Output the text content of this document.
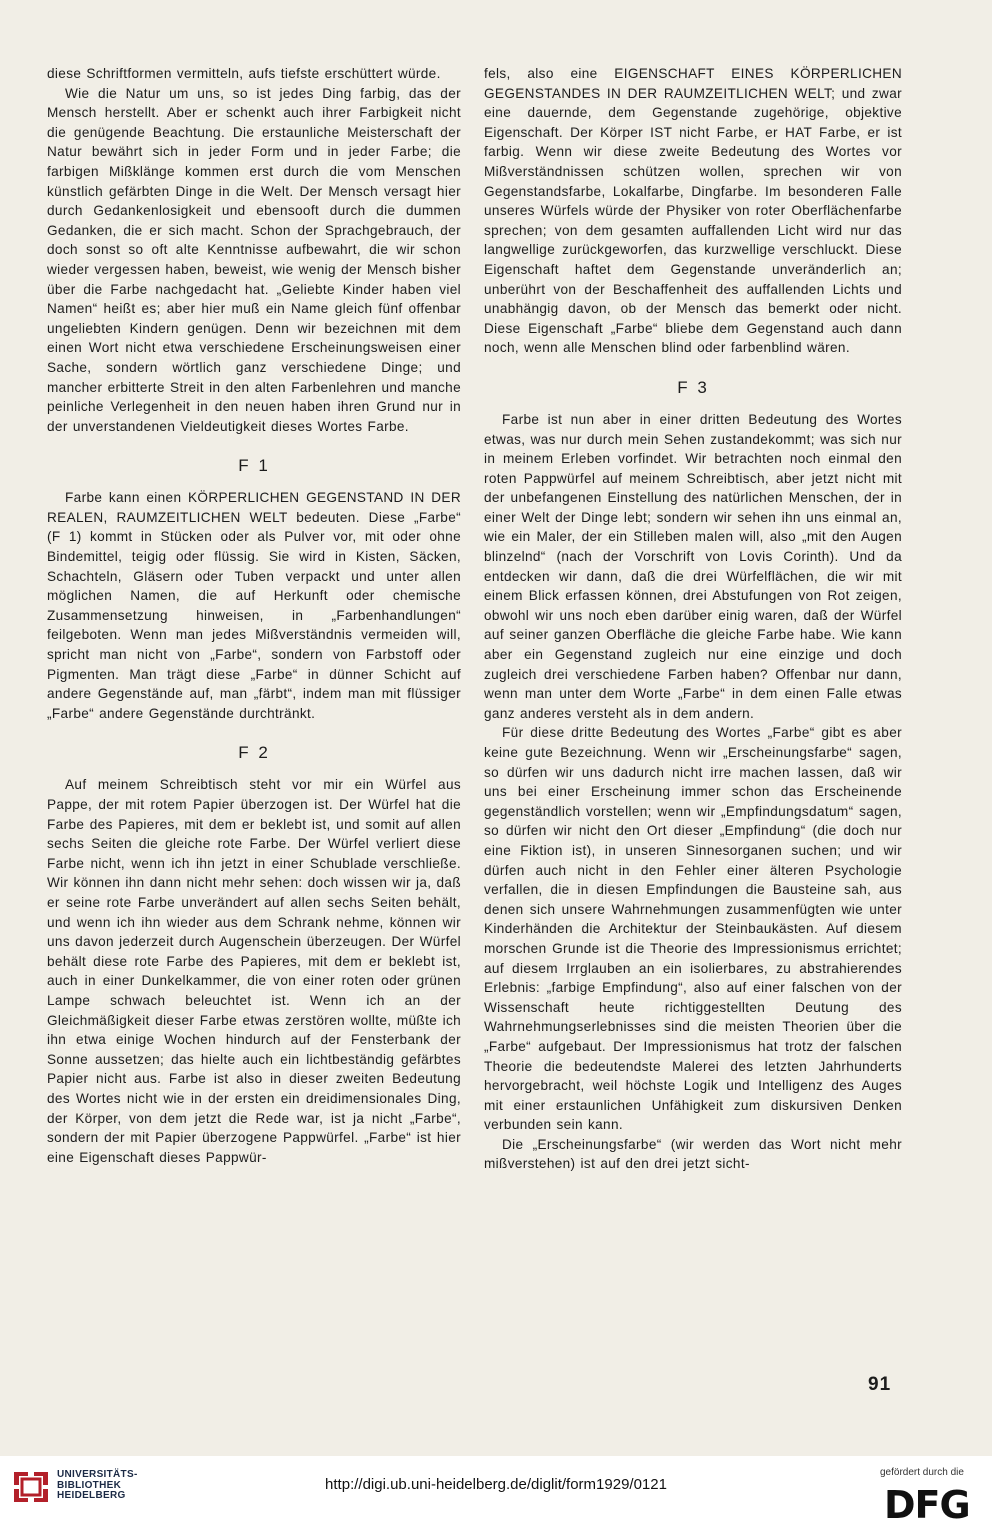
diese Schriftformen vermitteln, aufs tiefste erschüttert würde.

Wie die Natur um uns, so ist jedes Ding farbig, das der Mensch herstellt. Aber er schenkt auch ihrer Farbigkeit nicht die genügende Beachtung. Die erstaunliche Meisterschaft der Natur bewährt sich in jeder Form und in jeder Farbe; die farbigen Mißklänge kommen erst durch die vom Menschen künstlich gefärbten Dinge in die Welt. Der Mensch versagt hier durch Gedankenlosigkeit und ebensooft durch die dummen Gedanken, die er sich macht. Schon der Sprachgebrauch, der doch sonst so oft alte Kenntnisse aufbewahrt, die wir schon wieder vergessen haben, beweist, wie wenig der Mensch bisher über die Farbe nachgedacht hat. „Geliebte Kinder haben viel Namen“ heißt es; aber hier muß ein Name gleich fünf offenbar ungeliebten Kindern genügen. Denn wir bezeichnen mit dem einen Wort nicht etwa verschiedene Erscheinungsweisen einer Sache, sondern wörtlich ganz verschiedene Dinge; und mancher erbitterte Streit in den alten Farbenlehren und manche peinliche Verlegenheit in den neuen haben ihren Grund nur in der unverstandenen Vieldeutigkeit dieses Wortes Farbe.

F 1

Farbe kann einen KÖRPERLICHEN GEGENSTAND IN DER REALEN, RAUMZEITLICHEN WELT bedeuten. Diese „Farbe“ (F 1) kommt in Stücken oder als Pulver vor, mit oder ohne Bindemittel, teigig oder flüssig. Sie wird in Kisten, Säcken, Schachteln, Gläsern oder Tuben verpackt und unter allen möglichen Namen, die auf Herkunft oder chemische Zusammensetzung hinweisen, in „Farbenhandlungen“ feilgeboten. Wenn man jedes Mißverständnis vermeiden will, spricht man nicht von „Farbe“, sondern von Farbstoff oder Pigmenten. Man trägt diese „Farbe“ in dünner Schicht auf andere Gegenstände auf, man „färbt“, indem man mit flüssiger „Farbe“ andere Gegenstände durchtränkt.

F 2

Auf meinem Schreibtisch steht vor mir ein Würfel aus Pappe, der mit rotem Papier überzogen ist. Der Würfel hat die Farbe des Papieres, mit dem er beklebt ist, und somit auf allen sechs Seiten die gleiche rote Farbe. Der Würfel verliert diese Farbe nicht, wenn ich ihn jetzt in einer Schublade verschließe. Wir können ihn dann nicht mehr sehen: doch wissen wir ja, daß er seine rote Farbe unverändert auf allen sechs Seiten behält, und wenn ich ihn wieder aus dem Schrank nehme, können wir uns davon jederzeit durch Augenschein überzeugen. Der Würfel behält diese rote Farbe des Papieres, mit dem er beklebt ist, auch in einer Dunkelkammer, die von einer roten oder grünen Lampe schwach beleuchtet ist. Wenn ich an der Gleichmäßigkeit dieser Farbe etwas zerstören wollte, müßte ich ihn etwa einige Wochen hindurch auf der Fensterbank der Sonne aussetzen; das hielte auch ein lichtbeständig gefärbtes Papier nicht aus. Farbe ist also in dieser zweiten Bedeutung des Wortes nicht wie in der ersten ein dreidimensionales Ding, der Körper, von dem jetzt die Rede war, ist ja nicht „Farbe“, sondern der mit Papier überzogene Pappwürfel. „Farbe“ ist hier eine Eigenschaft dieses Pappwür-

fels, also eine EIGENSCHAFT EINES KÖRPERLICHEN GEGENSTANDES IN DER RAUMZEITLICHEN WELT; und zwar eine dauernde, dem Gegenstande zugehörige, objektive Eigenschaft. Der Körper IST nicht Farbe, er HAT Farbe, er ist farbig. Wenn wir diese zweite Bedeutung des Wortes vor Mißverständnissen schützen wollen, sprechen wir von Gegenstandsfarbe, Lokalfarbe, Dingfarbe. Im besonderen Falle unseres Würfels würde der Physiker von roter Oberflächenfarbe sprechen; von dem gesamten auffallenden Licht wird nur das langwellige zurückgeworfen, das kurzwellige verschluckt. Diese Eigenschaft haftet dem Gegenstande unveränderlich an; unberührt von der Beschaffenheit des auffallenden Lichts und unabhängig davon, ob der Mensch das bemerkt oder nicht. Diese Eigenschaft „Farbe“ bliebe dem Gegenstand auch dann noch, wenn alle Menschen blind oder farbenblind wären.

F 3

Farbe ist nun aber in einer dritten Bedeutung des Wortes etwas, was nur durch mein Sehen zustandekommt; was sich nur in meinem Erleben vorfindet. Wir betrachten noch einmal den roten Pappwürfel auf meinem Schreibtisch, aber jetzt nicht mit der unbefangenen Einstellung des natürlichen Menschen, der in einer Welt der Dinge lebt; sondern wir sehen ihn uns einmal an, wie ein Maler, der ein Stilleben malen will, also „mit den Augen blinzelnd“ (nach der Vorschrift von Lovis Corinth). Und da entdecken wir dann, daß die drei Würfelflächen, die wir mit einem Blick erfassen können, drei Abstufungen von Rot zeigen, obwohl wir uns noch eben darüber einig waren, daß der Würfel auf seiner ganzen Oberfläche die gleiche Farbe habe. Wie kann aber ein Gegenstand zugleich nur eine einzige und doch zugleich drei verschiedene Farben haben? Offenbar nur dann, wenn man unter dem Worte „Farbe“ in dem einen Falle etwas ganz anderes versteht als in dem andern.

Für diese dritte Bedeutung des Wortes „Farbe“ gibt es aber keine gute Bezeichnung. Wenn wir „Erscheinungsfarbe“ sagen, so dürfen wir uns dadurch nicht irre machen lassen, daß wir uns bei einer Erscheinung immer schon das Erscheinende gegenständlich vorstellen; wenn wir „Empfindungsdatum“ sagen, so dürfen wir nicht den Ort dieser „Empfindung“ (die doch nur eine Fiktion ist), in unseren Sinnesorganen suchen; und wir dürfen auch nicht in den Fehler einer älteren Psychologie verfallen, die in diesen Empfindungen die Bausteine sah, aus denen sich unsere Wahrnehmungen zusammenfügten wie unter Kinderhänden die Architektur der Steinbaukästen. Auf diesem morschen Grunde ist die Theorie des Impressionismus errichtet; auf diesem Irrglauben an ein isolierbares, zu abstrahierendes Erlebnis: „farbige Empfindung“, also auf einer falschen von der Wissenschaft heute richtiggestellten Deutung des Wahrnehmungserlebnisses sind die meisten Theorien über die „Farbe“ aufgebaut. Der Impressionismus hat trotz der falschen Theorie die bedeutendste Malerei des letzten Jahrhunderts hervorgebracht, weil höchste Logik und Intelligenz des Auges mit einer erstaunlichen Unfähigkeit zum diskursiven Denken verbunden sein kann.

Die „Erscheinungsfarbe“ (wir werden das Wort nicht mehr mißverstehen) ist auf den drei jetzt sicht-

91
UNIVERSITÄTS-
BIBLIOTHEK
HEIDELBERG
http://digi.ub.uni-heidelberg.de/diglit/form1929/0121
gefördert durch die
DFG
